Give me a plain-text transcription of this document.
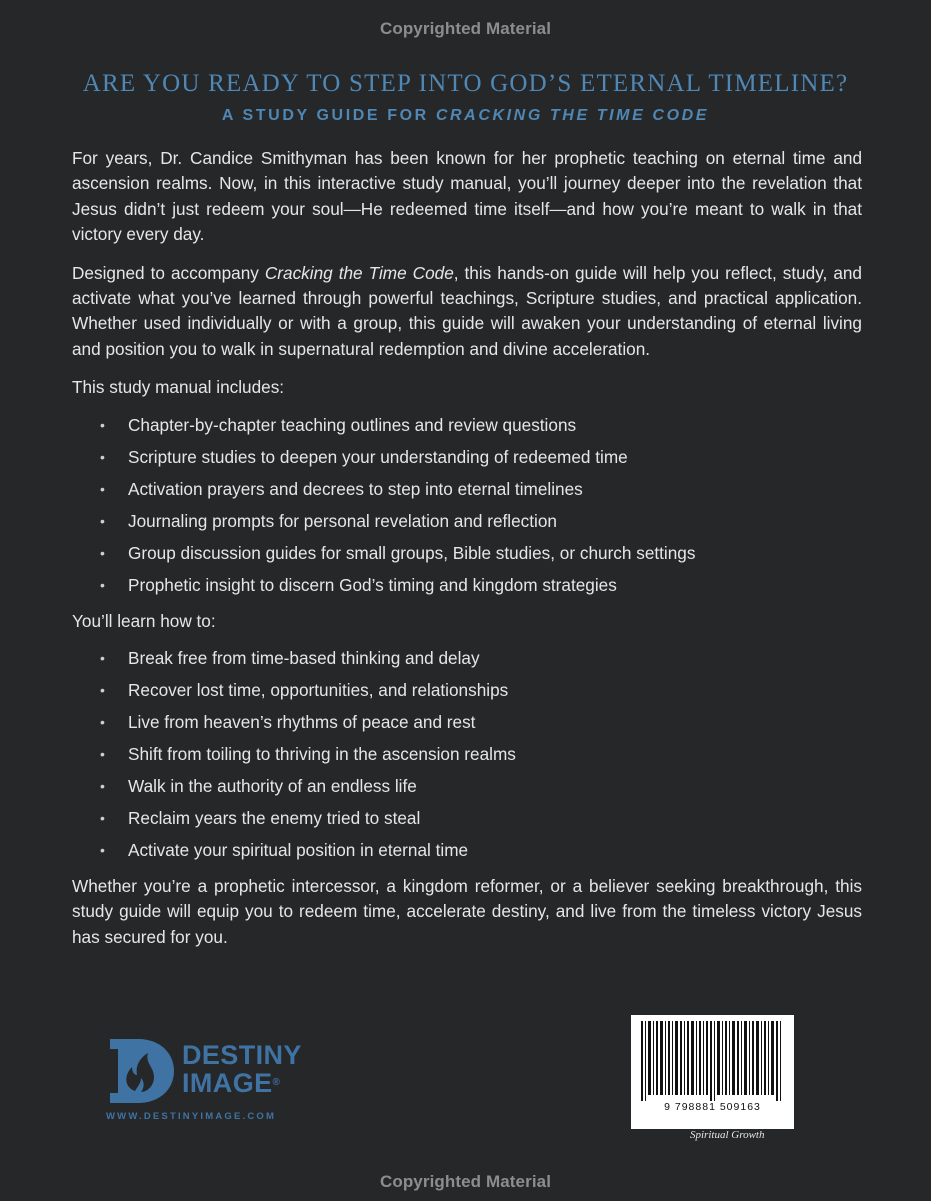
Copyrighted Material
ARE YOU READY TO STEP INTO GOD’S ETERNAL TIMELINE?
A STUDY GUIDE FOR CRACKING THE TIME CODE

For years, Dr. Candice Smithyman has been known for her prophetic teaching on eternal time and ascension realms. Now, in this interactive study manual, you’ll journey deeper into the revelation that Jesus didn’t just redeem your soul—He redeemed time itself—and how you’re meant to walk in that victory every day.

Designed to accompany Cracking the Time Code, this hands-on guide will help you reflect, study, and activate what you’ve learned through powerful teachings, Scripture studies, and practical application. Whether used individually or with a group, this guide will awaken your understanding of eternal living and position you to walk in supernatural redemption and divine acceleration.

This study manual includes:

• Chapter-by-chapter teaching outlines and review questions
• Scripture studies to deepen your understanding of redeemed time
• Activation prayers and decrees to step into eternal timelines
• Journaling prompts for personal revelation and reflection
• Group discussion guides for small groups, Bible studies, or church settings
• Prophetic insight to discern God’s timing and kingdom strategies

You’ll learn how to:

• Break free from time-based thinking and delay
• Recover lost time, opportunities, and relationships
• Live from heaven’s rhythms of peace and rest
• Shift from toiling to thriving in the ascension realms
• Walk in the authority of an endless life
• Reclaim years the enemy tried to steal
• Activate your spiritual position in eternal time

Whether you’re a prophetic intercessor, a kingdom reformer, or a believer seeking breakthrough, this study guide will equip you to redeem time, accelerate destiny, and live from the timeless victory Jesus has secured for you.

DESTINY
IMAGE®
WWW.DESTINYIMAGE.COM
9 798881 509163
Spiritual Growth
Copyrighted Material
